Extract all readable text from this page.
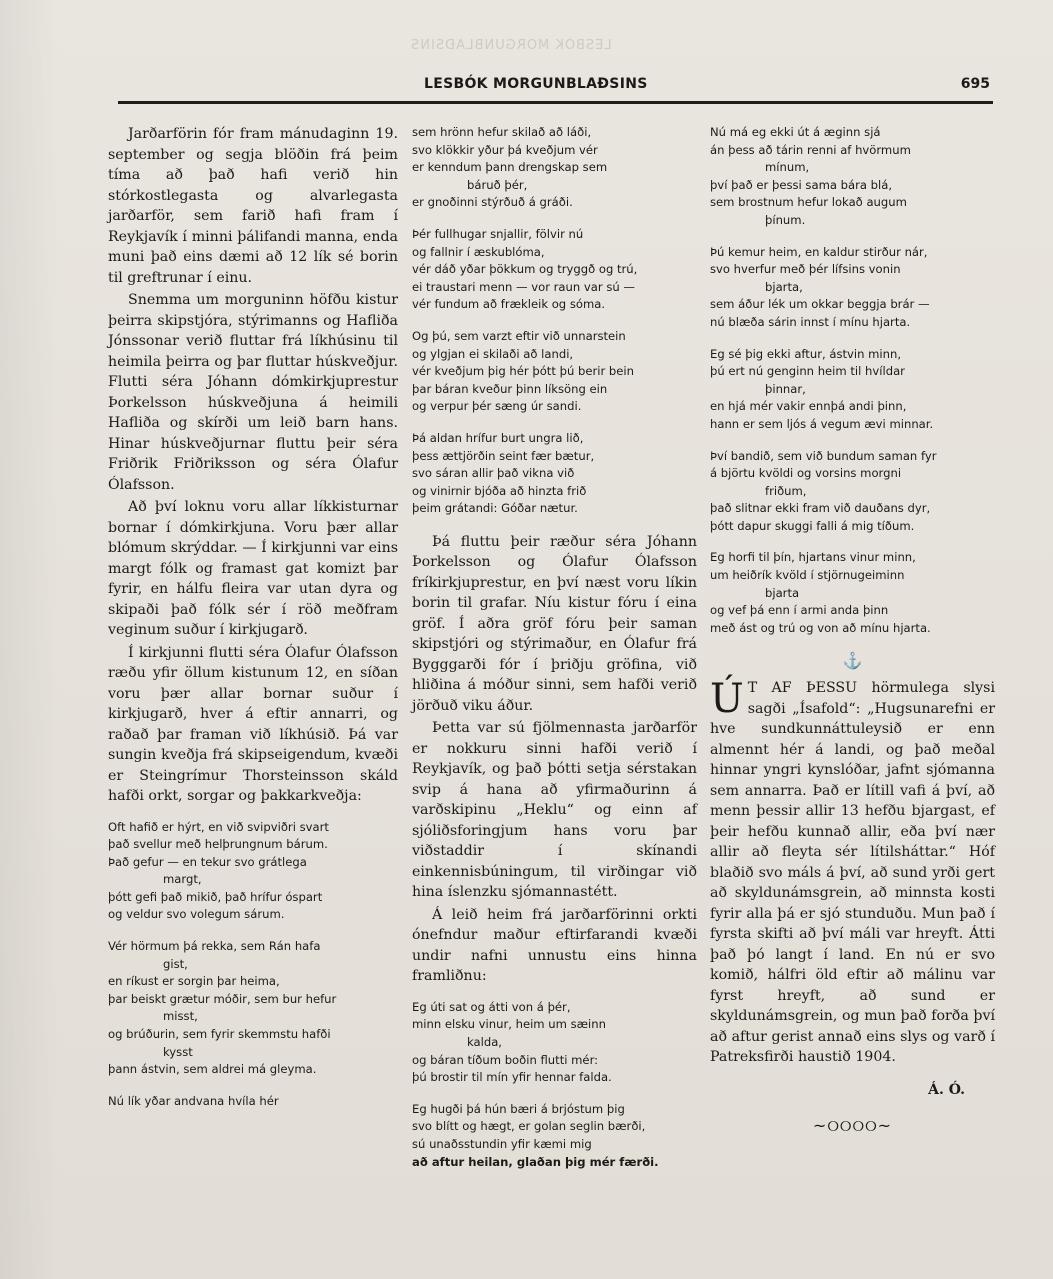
LESBÓK MORGUNBLAÐSINS
LESBÓK MORGUNBLAÐSINS	695

Jarðarförin fór fram mánudaginn 19. september og segja blöðin frá þeim tíma að það hafi verið hin stórkostlegasta og alvarlegasta jarðarför, sem farið hafi fram í Reykjavík í minni þálifandi manna, enda muni það eins dæmi að 12 lík sé borin til greftrunar í einu.

Snemma um morguninn höfðu kistur þeirra skipstjóra, stýrimanns og Hafliða Jónssonar verið fluttar frá líkhúsinu til heimila þeirra og þar fluttar húskveðjur. Flutti séra Jóhann dómkirkjuprestur Þorkelsson húskveðjuna á heimili Hafliða og skírði um leið barn hans. Hinar húskveðjurnar fluttu þeir séra Friðrik Friðriksson og séra Ólafur Ólafsson.

Að því loknu voru allar líkkisturnar bornar í dómkirkjuna. Voru þær allar blómum skrýddar. — Í kirkjunni var eins margt fólk og framast gat komizt þar fyrir, en hálfu fleira var utan dyra og skipaði það fólk sér í röð meðfram veginum suður í kirkjugarð.

Í kirkjunni flutti séra Ólafur Ólafsson ræðu yfir öllum kistunum 12, en síðan voru þær allar bornar suður í kirkjugarð, hver á eftir annarri, og raðað þar framan við líkhúsið. Þá var sungin kveðja frá skipseigendum, kvæði er Steingrímur Thorsteinsson skáld hafði orkt, sorgar og þakkarkveðja:

Oft hafið er hýrt, en við svipviðri svart
það svellur með helþrungnum bárum.
Það gefur — en tekur svo grátlega
margt,
þótt gefi það mikið, það hrífur óspart
og veldur svo volegum sárum.
Vér hörmum þá rekka, sem Rán hafa
gist,
en ríkust er sorgin þar heima,
þar beiskt grætur móðir, sem bur hefur
misst,
og brúðurin, sem fyrir skemmstu hafði
kysst
þann ástvin, sem aldrei má gleyma.
Nú lík yðar andvana hvíla hér
sem hrönn hefur skilað að láði,
svo klökkir yður þá kveðjum vér
er kenndum þann drengskap sem
báruð þér,
er gnoðinni stýrðuð á gráði.
Þér fullhugar snjallir, fölvir nú
og fallnir í æskublóma,
vér dáð yðar þökkum og tryggð og trú,
ei traustari menn — vor raun var sú —
vér fundum að frækleik og sóma.
Og þú, sem varzt eftir við unnarstein
og ylgjan ei skilaði að landi,
vér kveðjum þig hér þótt þú berir bein
þar báran kveður þinn líksöng ein
og verpur þér sæng úr sandi.
Þá aldan hrífur burt ungra lið,
þess ættjörðin seint fær bætur,
svo sáran allir það vikna við
og vinirnir bjóða að hinzta frið
þeim grátandi: Góðar nætur.

Þá fluttu þeir ræður séra Jóhann Þorkelsson og Ólafur Ólafsson fríkirkjuprestur, en því næst voru líkin borin til grafar. Níu kistur fóru í eina gröf. Í aðra gröf fóru þeir saman skipstjóri og stýrimaður, en Ólafur frá Bygggarði fór í þriðju gröfina, við hliðina á móður sinni, sem hafði verið jörðuð viku áður.

Þetta var sú fjölmennasta jarðarför er nokkuru sinni hafði verið í Reykjavík, og það þótti setja sérstakan svip á hana að yfirmaðurinn á varðskipinu „Heklu“ og einn af sjóliðsforingjum hans voru þar viðstaddir í skínandi einkennisbúningum, til virðingar við hina íslenzku sjómannastétt.

Á leið heim frá jarðarförinni orkti ónefndur maður eftirfarandi kvæði undir nafni unnustu eins hinna framliðnu:

Eg úti sat og átti von á þér,
minn elsku vinur, heim um sæinn
kalda,
og báran tíðum boðin flutti mér:
þú brostir til mín yfir hennar falda.
Eg hugði þá hún bæri á brjóstum þig
svo blítt og hægt, er golan seglin bærði,
sú unaðsstundin yfir kæmi mig
að aftur heilan, glaðan þig mér færði.
Nú má eg ekki út á æginn sjá
án þess að tárin renni af hvörmum
mínum,
því það er þessi sama bára blá,
sem brostnum hefur lokað augum
þínum.
Þú kemur heim, en kaldur stirður nár,
svo hverfur með þér lífsins vonin
bjarta,
sem áður lék um okkar beggja brár —
nú blæða sárin innst í mínu hjarta.
Eg sé þig ekki aftur, ástvin minn,
þú ert nú genginn heim til hvíldar
þinnar,
en hjá mér vakir ennþá andi þinn,
hann er sem ljós á vegum ævi minnar.
Því bandið, sem við bundum saman fyr
á björtu kvöldi og vorsins morgni
friðum,
það slitnar ekki fram við dauðans dyr,
þótt dapur skuggi falli á mig tíðum.
Eg horfi til þín, hjartans vinur minn,
um heiðrík kvöld í stjörnugeiminn
bjarta
og vef þá enn í armi anda þinn
með ást og trú og von að mínu hjarta.
⚓
Ú T AF ÞESSU hörmulega slysi sagði „Ísafold“: „Hugsunarefni er hve sundkunnáttuleysið er enn almennt hér á landi, og það meðal hinnar yngri kynslóðar, jafnt sjómanna sem annarra. Það er lítill vafi á því, að menn þessir allir 13 hefðu bjargast, ef þeir hefðu kunnað allir, eða því nær allir að fleyta sér lítilsháttar.“ Hóf blaðið svo máls á því, að sund yrði gert að skyldunámsgrein, að minnsta kosti fyrir alla þá er sjó stunduðu. Mun það í fyrsta skifti að því máli var hreyft. Átti það þó langt í land. En nú er svo komið, hálfri öld eftir að málinu var fyrst hreyft, að sund er skyldunámsgrein, og mun það forða því að aftur gerist annað eins slys og varð í Patreksfirði haustið 1904.
Á. Ó.
~୦୦୦୦~
